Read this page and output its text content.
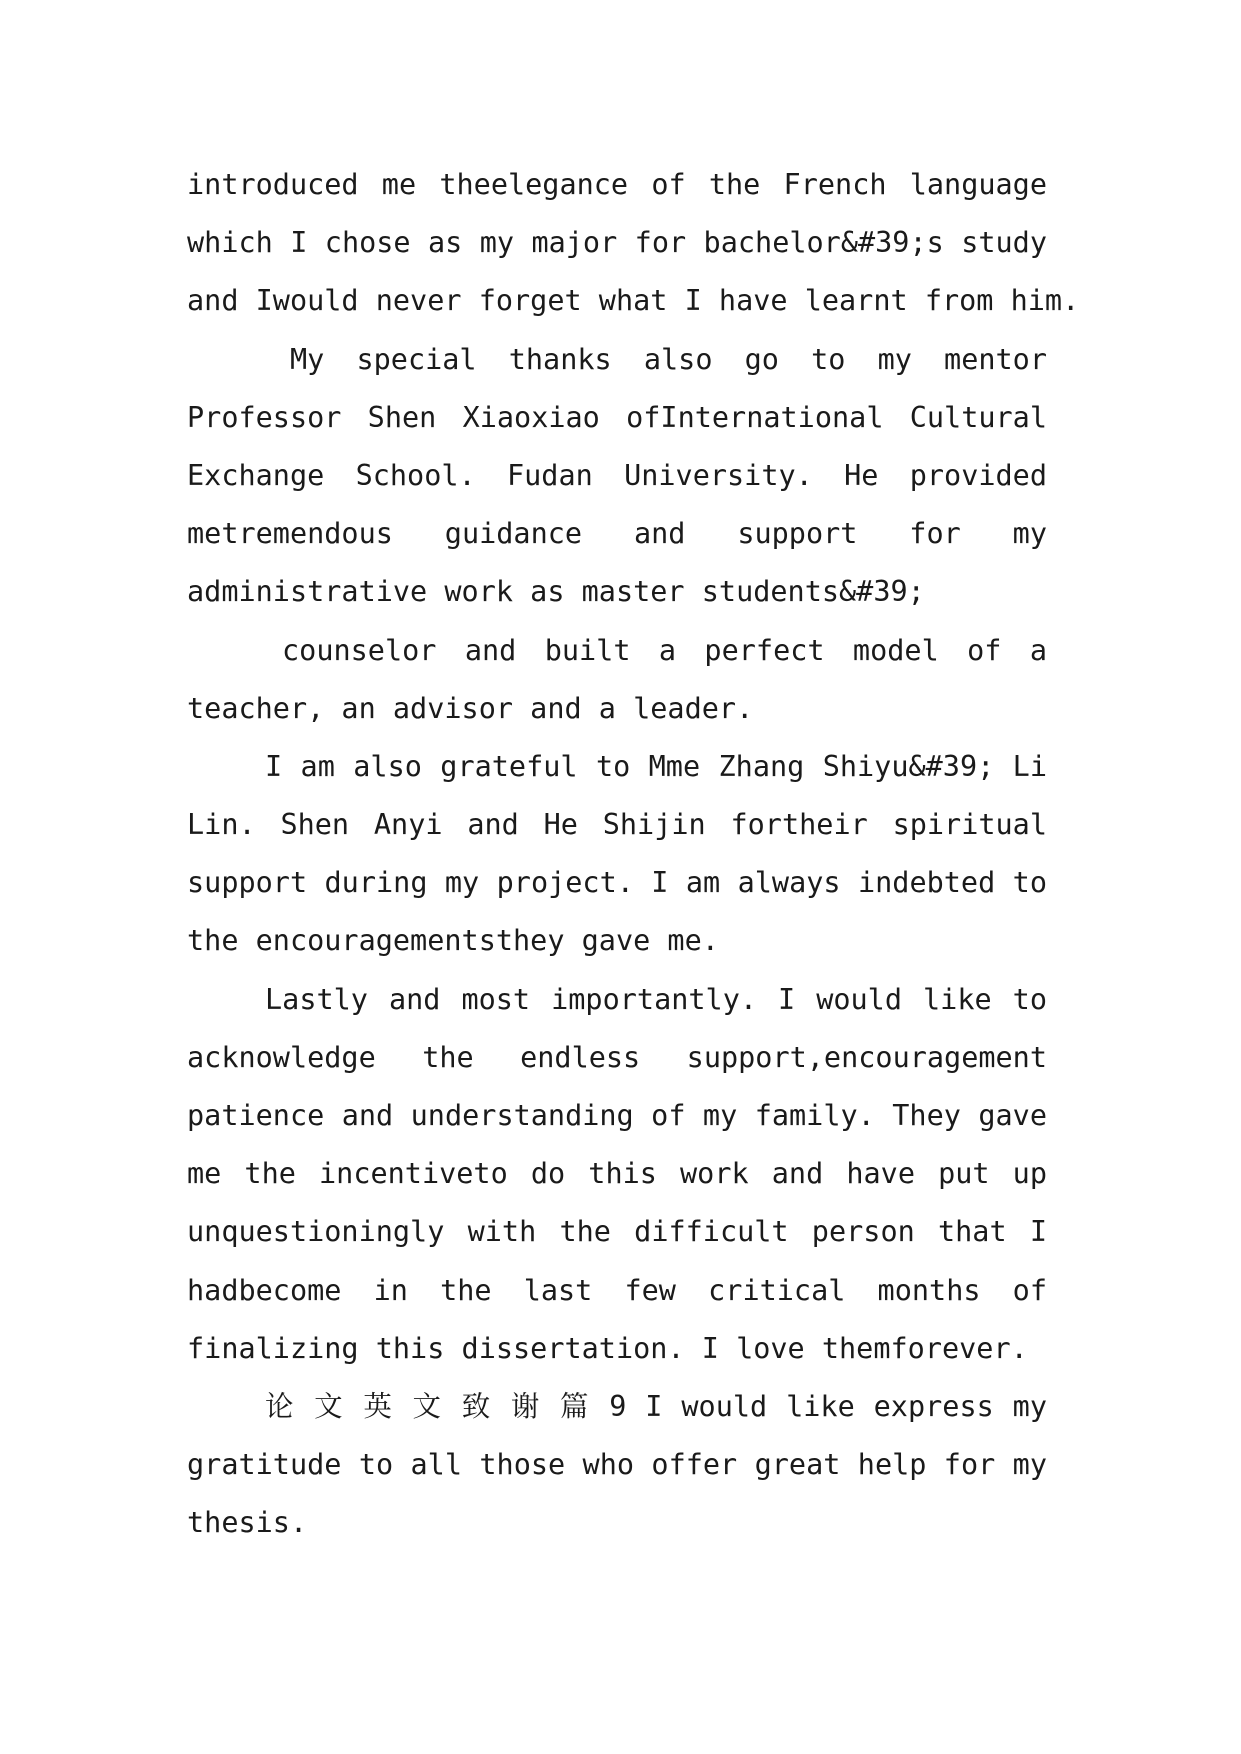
introduced me theelegance of the French language
which I chose as my major for bachelor&#39;s study
and Iwould never forget what I have learnt from him.
My special thanks also go to my mentor
Professor Shen Xiaoxiao ofInternational Cultural
Exchange School. Fudan University. He provided
metremendous guidance and support for my
administrative work as master students&#39;
counselor and built a perfect model of a
teacher, an advisor and a leader.
I am also grateful to Mme Zhang Shiyu&#39; Li
Lin. Shen Anyi and He Shijin fortheir spiritual
support during my project. I am always indebted to
the encouragementsthey gave me.
Lastly and most importantly. I would like to
acknowledge the endless support,encouragement
patience and understanding of my family. They gave
me the incentiveto do this work and have put up
unquestioningly with the difficult person that I
hadbecome in the last few critical months of
finalizing this dissertation. I love themforever.
论 文 英 文 致 谢 篇 9 I would like express my
gratitude to all those who offer great help for my
thesis.
